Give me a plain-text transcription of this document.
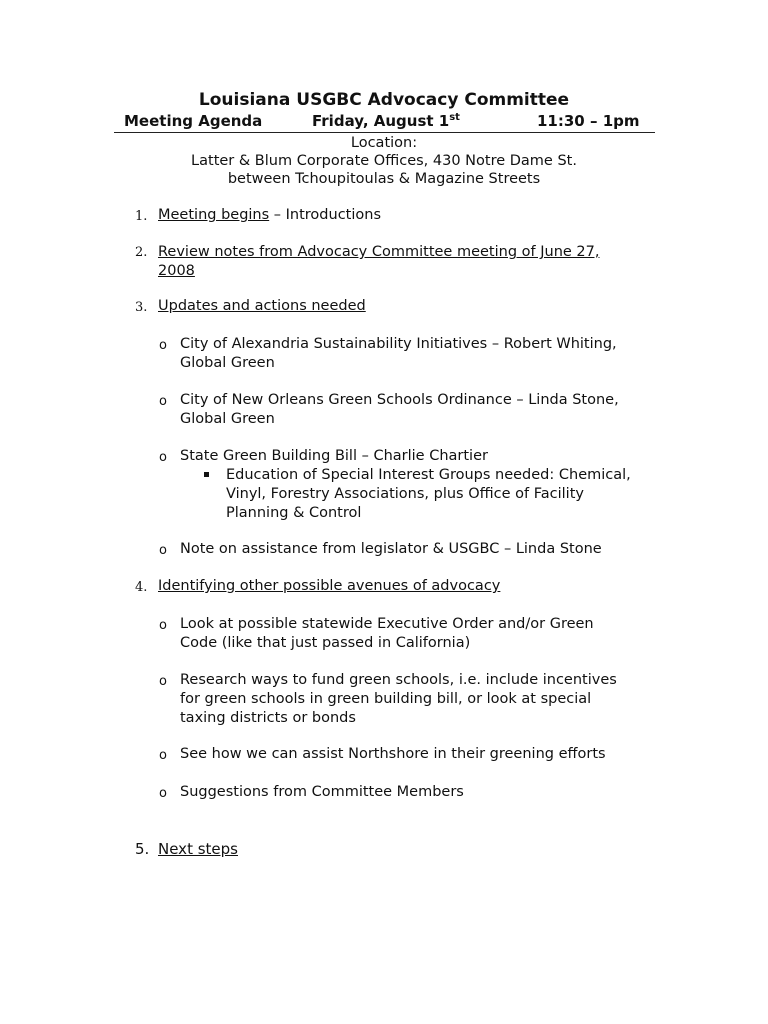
Louisiana USGBC Advocacy Committee
Meeting Agenda	Friday, August 1st	11:30 – 1pm
Location:
Latter & Blum Corporate Offices, 430 Notre Dame St.
between Tchoupitoulas & Magazine Streets
1. Meeting begins – Introductions
2. Review notes from Advocacy Committee meeting of June 27,
2008
3. Updates and actions needed
o City of Alexandria Sustainability Initiatives – Robert Whiting,
Global Green
o City of New Orleans Green Schools Ordinance – Linda Stone,
Global Green
o State Green Building Bill – Charlie Chartier
Education of Special Interest Groups needed: Chemical,
Vinyl, Forestry Associations, plus Office of Facility
Planning & Control
o Note on assistance from legislator & USGBC – Linda Stone
4. Identifying other possible avenues of advocacy
o Look at possible statewide Executive Order and/or Green
Code (like that just passed in California)
o Research ways to fund green schools, i.e. include incentives
for green schools in green building bill, or look at special
taxing districts or bonds
o See how we can assist Northshore in their greening efforts
o Suggestions from Committee Members
5. Next steps
